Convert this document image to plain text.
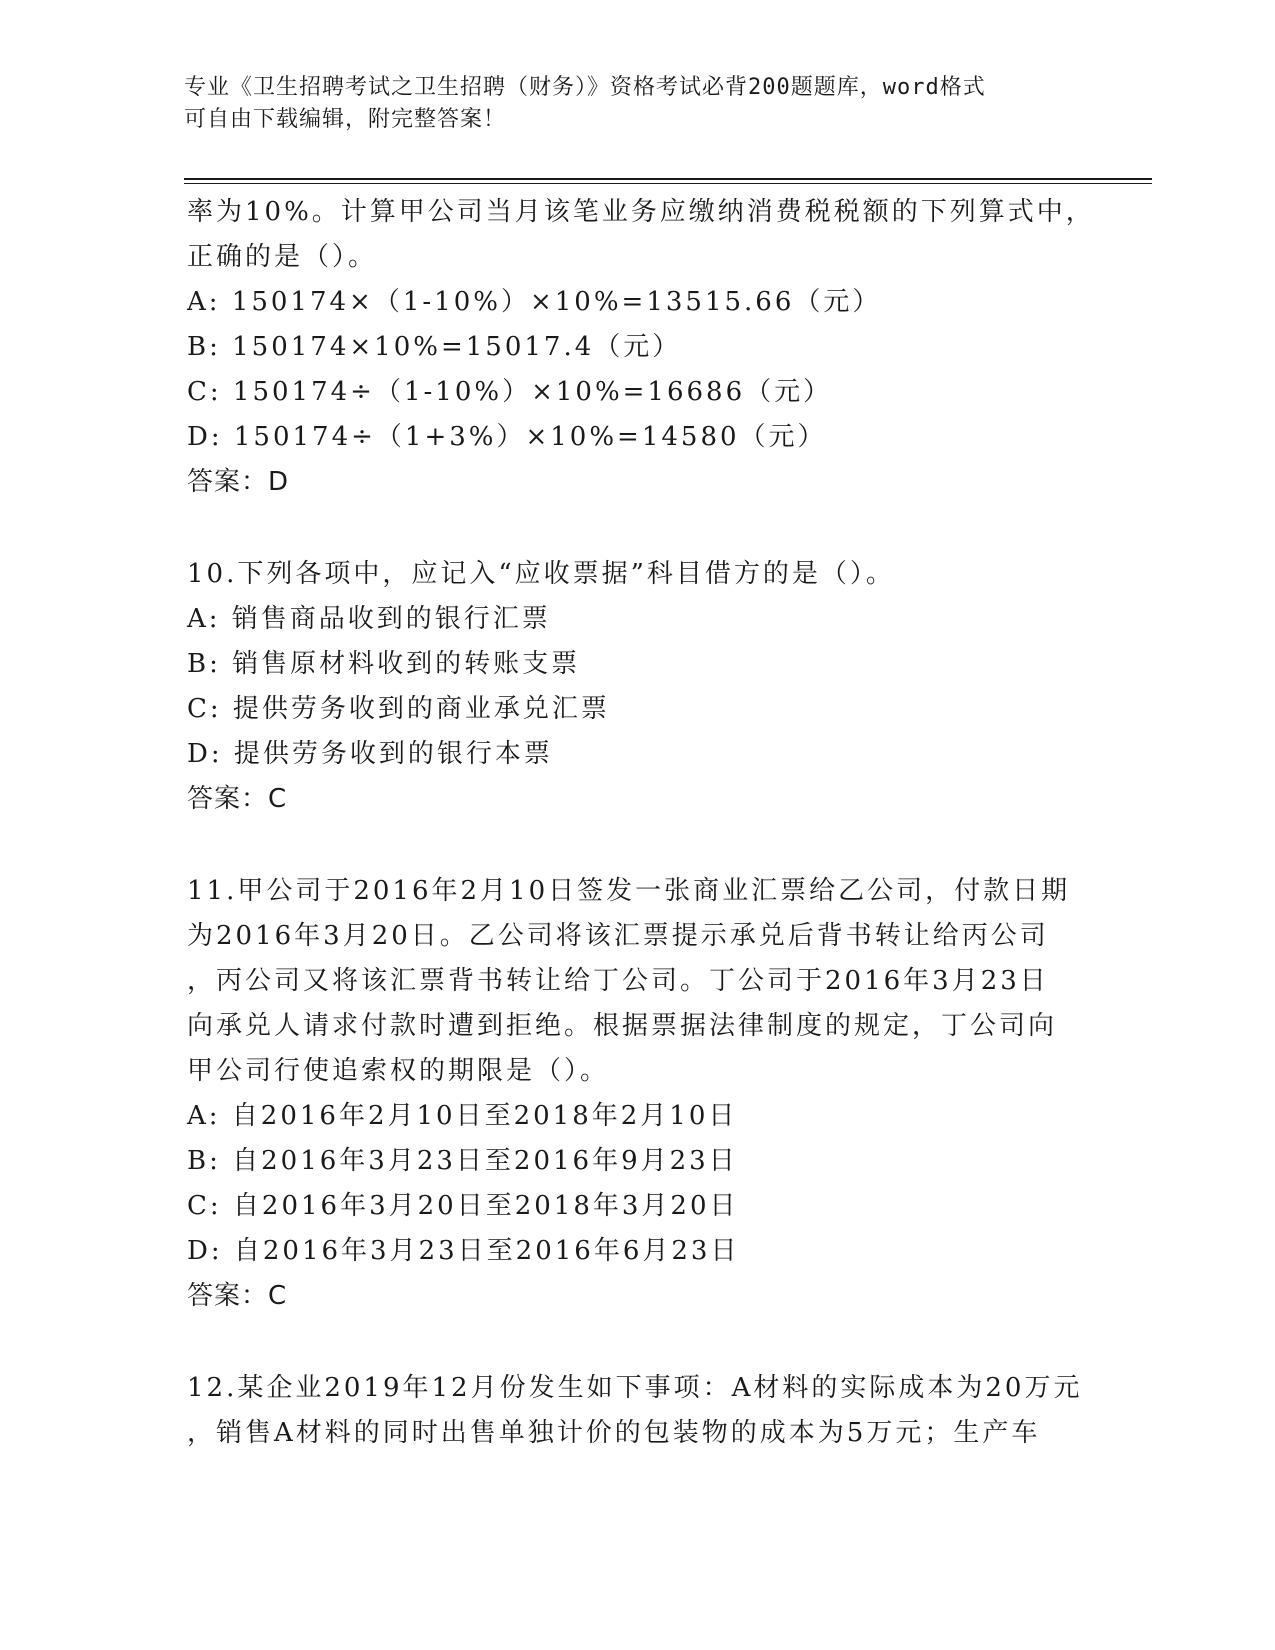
专业《卫生招聘考试之卫生招聘（财务）》资格考试必背200题题库，word格式
可自由下载编辑，附完整答案！
率为10%。计算甲公司当月该笔业务应缴纳消费税税额的下列算式中，
正确的是（）。
A: 150174×（1-10%）×10%=13515.66（元）
B: 150174×10%=15017.4（元）
C: 150174÷（1-10%）×10%=16686（元）
D: 150174÷（1+3%）×10%=14580（元）
答案：D
10.下列各项中，应记入“应收票据”科目借方的是（）。
A: 销售商品收到的银行汇票
B: 销售原材料收到的转账支票
C: 提供劳务收到的商业承兑汇票
D: 提供劳务收到的银行本票
答案：C
11.甲公司于2016年2月10日签发一张商业汇票给乙公司，付款日期
为2016年3月20日。乙公司将该汇票提示承兑后背书转让给丙公司
，丙公司又将该汇票背书转让给丁公司。丁公司于2016年3月23日
向承兑人请求付款时遭到拒绝。根据票据法律制度的规定，丁公司向
甲公司行使追索权的期限是（）。
A: 自2016年2月10日至2018年2月10日
B: 自2016年3月23日至2016年9月23日
C: 自2016年3月20日至2018年3月20日
D: 自2016年3月23日至2016年6月23日
答案：C
12.某企业2019年12月份发生如下事项：A材料的实际成本为20万元
，销售A材料的同时出售单独计价的包装物的成本为5万元；生产车
